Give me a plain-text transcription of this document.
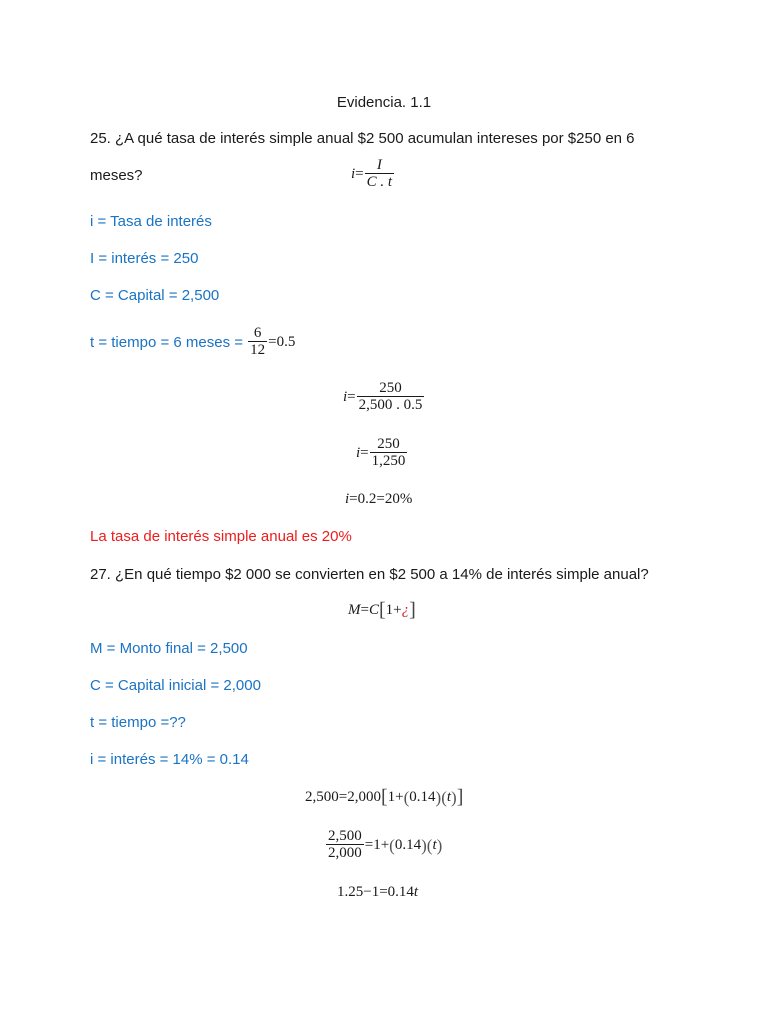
Evidencia. 1.1
25. ¿A qué tasa de interés simple anual $2 500 acumulan intereses por $250 en 6
meses?	$i = \frac{I}{C . t}$
i = Tasa de interés
I = interés = 250
C = Capital = 2,500
t = tiempo = 6 meses = $\frac{6}{12} =0.5$
$i = \frac{250}{2,500 . 0.5}$
$i = \frac{250}{1,250}$
i =0.2=20%
La tasa de interés simple anual es 20%
27. ¿En qué tiempo $2 000 se convierten en $2 500 a 14% de interés simple anual?
M = C [ 1+ ¿ ]
M = Monto final = 2,500
C = Capital inicial = 2,000
t = tiempo =??
i = interés = 14% = 0.14
2,500=2,000 [ 1+ ( 0.14 ) ( t ) ]
$\frac{2,500}{2,000} =1+$ ( 0.14 ) ( t )
1.25−1=0.14 t
